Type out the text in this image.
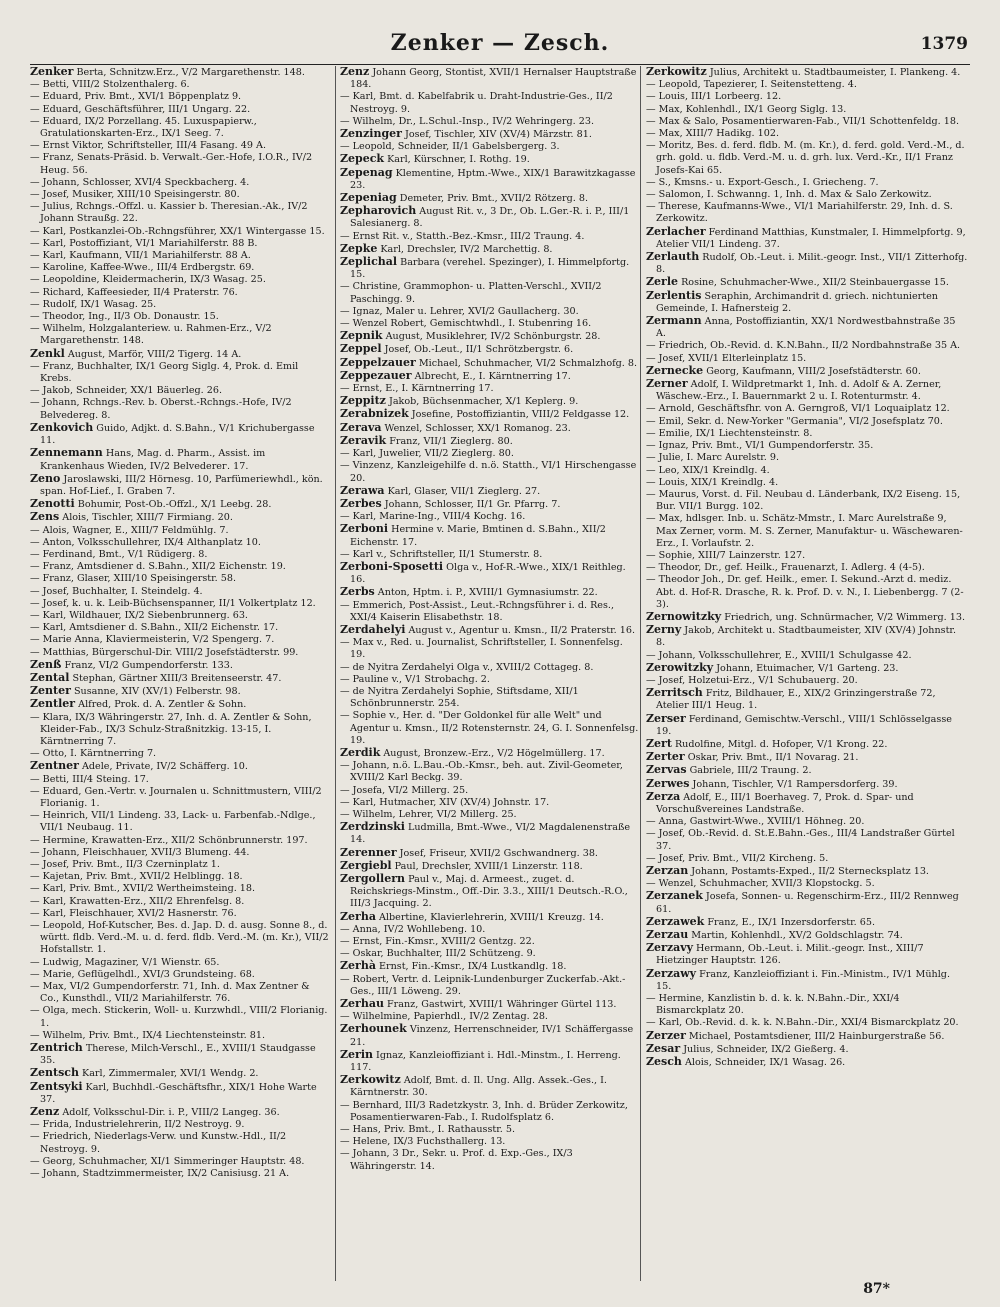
Zenker — Zesch.	1379
Zenker Berta, Schnitzw.Erz., V/2 Margarethenstr. 148.
— Betti, VIII/2 Stolzenthalerg. 6.
— Eduard, Priv. Bmt., XVI/1 Böppenplatz 9.
— Eduard, Geschäftsführer, III/1 Ungarg. 22.
— Eduard, IX/2 Porzellang. 45. Luxuspapierw., Gratulationskarten-Erz., IX/1 Seeg. 7.
— Ernst Viktor, Schriftsteller, III/4 Fasang. 49 A.
— Franz, Senats-Präsid. b. Verwalt.-Ger.-Hofe, I.O.R., IV/2 Heug. 56.
— Johann, Schlosser, XVI/4 Speckbacherg. 4.
— Josef, Musiker, XIII/10 Speisingerstr. 80.
— Julius, Rchngs.-Offzl. u. Kassier b. Theresian.-Ak., IV/2 Johann Straußg. 22.
— Karl, Postkanzlei-Ob.-Rchngsführer, XX/1 Wintergasse 15.
— Karl, Postoffiziant, VI/1 Mariahilferstr. 88 B.
— Karl, Kaufmann, VII/1 Mariahilferstr. 88 A.
— Karoline, Kaffee-Wwe., III/4 Erdbergstr. 69.
— Leopoldine, Kleidermacherin, IX/3 Wasag. 25.
— Richard, Kaffeesieder, II/4 Praterstr. 76.
— Rudolf, IX/1 Wasag. 25.
— Theodor, Ing., II/3 Ob. Donaustr. 15.
— Wilhelm, Holzgalanteriew. u. Rahmen-Erz., V/2 Margarethenstr. 148.
Zenkl August, Marför, VIII/2 Tigerg. 14 A.
— Franz, Buchhalter, IX/1 Georg Siglg. 4, Prok. d. Emil Krebs.
— Jakob, Schneider, XX/1 Bäuerleg. 26.
— Johann, Rchngs.-Rev. b. Oberst.-Rchngs.-Hofe, IV/2 Belvedereg. 8.
Zenkovich Guido, Adjkt. d. S.Bahn., V/1 Krichubergasse 11.
Zennemann Hans, Mag. d. Pharm., Assist. im Krankenhaus Wieden, IV/2 Belvederег. 17.
Zeno Jaroslawski, III/2 Hörnesg. 10, Parfümeriewhdl., kön. span. Hof-Lief., I. Graben 7.
Zenotti Bohumir, Post-Ob.-Offzl., X/1 Leebg. 28.
Zens Alois, Tischler, XIII/7 Firmiang. 20.
— Alois, Wagner, E., XIII/7 Feldmühlg. 7.
— Anton, Volksschullehrer, IX/4 Althanplatz 10.
— Ferdinand, Bmt., V/1 Rüdigerg. 8.
— Franz, Amtsdiener d. S.Bahn., XII/2 Eichenstr. 19.
— Franz, Glaser, XIII/10 Speisingerstr. 58.
— Josef, Buchhalter, I. Steindelg. 4.
— Josef, k. u. k. Leib-Büchsenspanner, II/1 Volkertplatz 12.
— Karl, Wildhauer, IX/2 Siebenbrunnerg. 63.
— Karl, Amtsdiener d. S.Bahn., XII/2 Eichenstr. 17.
— Marie Anna, Klaviermeisterin, V/2 Spengerg. 7.
— Matthias, Bürgerschul-Dir. VIII/2 Josefstädterstr. 99.
Zenß Franz, VI/2 Gumpendorferstr. 133.
Zental Stephan, Gärtner XIII/3 Breitenseerstr. 47.
Zenter Susanne, XIV (XV/1) Felberstr. 98.
Zentler Alfred, Prok. d. A. Zentler & Sohn.
— Klara, IX/3 Währingerstr. 27, Inh. d. A. Zentler & Sohn, Kleider-Fab., IX/3 Schulz-Straßnitzkig. 13-15, I. Kärntnerring 7.
— Otto, I. Kärntnerring 7.
Zentner Adele, Private, IV/2 Schäfferg. 10.
— Betti, III/4 Steing. 17.
— Eduard, Gen.-Vertr. v. Journalen u. Schnittmustern, VIII/2 Florianig. 1.
— Heinrich, VII/1 Lindeng. 33, Lack- u. Farbenfab.-Ndlge., VII/1 Neubaug. 11.
— Hermine, Krawatten-Erz., XII/2 Schönbrunnerstr. 197.
— Johann, Fleischhauer, XVII/3 Blumeng. 44.
— Josef, Priv. Bmt., II/3 Czerninplatz 1.
— Kajetan, Priv. Bmt., XVII/2 Helblingg. 18.
— Karl, Priv. Bmt., XVII/2 Wertheimsteing. 18.
— Karl, Krawatten-Erz., XII/2 Ehrenfelsg. 8.
— Karl, Fleischhauer, XVI/2 Hasnerstr. 76.
— Leopold, Hof-Kutscher, Bes. d. Jap. D. d. ausg. Sonne 8., d. württ. fldb. Verd.-M. u. d. ferd. fldb. Verd.-M. (m. Kr.), VII/2 Hofstallstr. 1.
— Ludwig, Magaziner, V/1 Wienstr. 65.
— Marie, Geflügelhdl., XVI/3 Grundsteing. 68.
— Max, VI/2 Gumpendorferstr. 71, Inh. d. Max Zentner & Co., Kunsthdl., VII/2 Mariahilferstr. 76.
— Olga, mech. Stickerin, Woll- u. Kurzwhdl., VIII/2 Florianig. 1.
— Wilhelm, Priv. Bmt., IX/4 Liechtensteinstr. 81.
Zentrich Therese, Milch-Verschl., E., XVIII/1 Staudgasse 35.
Zentsch Karl, Zimmermaler, XVI/1 Wendg. 2.
Zentsyki Karl, Buchhdl.-Geschäftsfhr., XIX/1 Hohe Warte 37.
Zenz Adolf, Volksschul-Dir. i. P., VIII/2 Langeg. 36.
— Frida, Industrielehrerin, II/2 Nestroyg. 9.
— Friedrich, Niederlags-Verw. und Kunstw.-Hdl., II/2 Nestroyg. 9.
— Georg, Schuhmacher, XI/1 Simmeringer Hauptstr. 48.
— Johann, Stadtzimmermeister, IX/2 Canisiusg. 21 A.
Zenz Johann Georg, Stontist, XVII/1 Hernalser Hauptstraße 184.
— Karl, Bmt. d. Kabelfabrik u. Draht-Industrie-Ges., II/2 Nestroyg. 9.
— Wilhelm, Dr., L.Schul.-Insp., IV/2 Wehringerg. 23.
Zenzinger Josef, Tischler, XIV (XV/4) Märzstr. 81.
— Leopold, Schneider, II/1 Gabelsbergerg. 3.
Zepeck Karl, Kürschner, I. Rothg. 19.
Zepenag Klementine, Hptm.-Wwe., XIX/1 Barawitzkagasse 23.
Zepeniag Demeter, Priv. Bmt., XVII/2 Rötzerg. 8.
Zepharovich August Rit. v., 3 Dr., Ob. L.Ger.-R. i. P., III/1 Salesianerg. 8.
— Ernst Rit. v., Statth.-Bez.-Kmsr., III/2 Traung. 4.
Zepke Karl, Drechsler, IV/2 Marchettig. 8.
Zeplichal Barbara (verehel. Spezinger), I. Himmelpfortg. 15.
— Christine, Grammophon- u. Platten-Verschl., XVII/2 Paschingg. 9.
— Ignaz, Maler u. Lehrer, XVI/2 Gaullacherg. 30.
— Wenzel Robert, Gemischtwhdl., I. Stubenring 16.
Zepnik August, Musiklehrer, IV/2 Schönburgstr. 28.
Zeppel Josef, Ob.-Leut., II/1 Schrötzbergstr. 6.
Zeppelzauer Michael, Schuhmacher, VI/2 Schmalzhofg. 8.
Zeppezauer Albrecht, E., I. Kärntnerring 17.
— Ernst, E., I. Kärntnerring 17.
Zeppitz Jakob, Büchsenmacher, X/1 Keplerg. 9.
Zerabnizek Josefine, Postoffiziantin, VIII/2 Feldgasse 12.
Zerava Wenzel, Schlosser, XX/1 Romanog. 23.
Zeravik Franz, VII/1 Zieglerg. 80.
— Karl, Juwelier, VII/2 Zieglerg. 80.
— Vinzenz, Kanzleigehilfe d. n.ö. Statth., VI/1 Hirschengasse 20.
Zerawa Karl, Glaser, VII/1 Zieglerg. 27.
Zerbes Johann, Schlosser, II/1 Gr. Pfarrg. 7.
— Karl, Marine-Ing., VIII/4 Kochg. 16.
Zerboni Hermine v. Marie, Bmtinen d. S.Bahn., XII/2 Eichenstr. 17.
— Karl v., Schriftsteller, II/1 Stumerstr. 8.
Zerboni-Sposetti Olga v., Hof-R.-Wwe., XIX/1 Reithleg. 16.
Zerbs Anton, Hptm. i. P., XVIII/1 Gymnasiumstr. 22.
— Emmerich, Post-Assist., Leut.-Rchngsführer i. d. Res., XXI/4 Kaiserin Elisabethstr. 18.
Zerdahelyi August v., Agentur u. Kmsn., II/2 Praterstr. 16.
— Max v., Red. u. Journalist, Schriftsteller, I. Sonnenfelsg. 19.
— de Nyitra Zerdahelyi Olga v., XVIII/2 Cottageg. 8.
— Pauline v., V/1 Strobachg. 2.
— de Nyitra Zerdahelyi Sophie, Stiftsdame, XII/1 Schönbrunnerstr. 254.
— Sophie v., Her. d. "Der Goldonkel für alle Welt" und Agentur u. Kmsn., II/2 Rotensternstr. 24, G. I. Sonnenfelsg. 19.
Zerdik August, Bronzew.-Erz., V/2 Högelmüllerg. 17.
— Johann, n.ö. L.Bau.-Ob.-Kmsr., beh. aut. Zivil-Geometer, XVIII/2 Karl Beckg. 39.
— Josefa, VI/2 Millerg. 25.
— Karl, Hutmacher, XIV (XV/4) Johnstr. 17.
— Wilhelm, Lehrer, VI/2 Millerg. 25.
Zerdzinski Ludmilla, Bmt.-Wwe., VI/2 Magdalenenstraße 14.
Zerenner Josef, Friseur, XVII/2 Gschwandnerg. 38.
Zergiebl Paul, Drechsler, XVIII/1 Linzerstr. 118.
Zergollern Paul v., Maj. d. Armeest., zuget. d. Reichskriegs-Minstm., Off.-Dir. 3.3., XIII/1 Deutsch.-R.O., III/3 Jacquing. 2.
Zerha Albertine, Klavierlehrerin, XVIII/1 Kreuzg. 14.
— Anna, IV/2 Wohllebeng. 10.
— Ernst, Fin.-Kmsr., XVIII/2 Gentzg. 22.
— Oskar, Buchhalter, III/2 Schützeng. 9.
Zerhà Ernst, Fin.-Kmsr., IX/4 Lustkandlg. 18.
— Robert, Vertr. d. Leipnik-Lundenburger Zuckerfab.-Akt.-Ges., III/1 Löweng. 29.
Zerhau Franz, Gastwirt, XVIII/1 Währinger Gürtel 113.
— Wilhelmine, Papierhdl., IV/2 Zentag. 28.
Zerhounek Vinzenz, Herrenschneider, IV/1 Schäffergasse 21.
Zerin Ignaz, Kanzleioffiziant i. Hdl.-Minstm., I. Herreng. 117.
Zerkowitz Adolf, Bmt. d. Il. Ung. Allg. Assek.-Ges., I. Kärntnerstr. 30.
— Bernhard, III/3 Radetzkystr. 3, Inh. d. Brüder Zerkowitz, Posamentierwaren-Fab., I. Rudolfsplatz 6.
— Hans, Priv. Bmt., I. Rathausstr. 5.
— Helene, IX/3 Fuchsthallerg. 13.
— Johann, 3 Dr., Sekr. u. Prof. d. Exp.-Ges., IX/3 Währingerstr. 14.
Zerkowitz Julius, Architekt u. Stadtbaumeister, I. Plankeng. 4.
— Leopold, Tapezierer, I. Seitenstetteng. 4.
— Louis, III/1 Lorbeerg. 12.
— Max, Kohlenhdl., IX/1 Georg Siglg. 13.
— Max & Salo, Posamentierwaren-Fab., VII/1 Schottenfeldg. 18.
— Max, XIII/7 Hadikg. 102.
— Moritz, Bes. d. ferd. fldb. M. (m. Kr.), d. ferd. gold. Verd.-M., d. grh. gold. u. fldb. Verd.-M. u. d. grh. lux. Verd.-Kr., II/1 Franz Josefs-Kai 65.
— S., Kmsns.- u. Export-Gesch., I. Griecheng. 7.
— Salomon, I. Schwanng. 1, Inh. d. Max & Salo Zerkowitz.
— Therese, Kaufmanns-Wwe., VI/1 Mariahilferstr. 29, Inh. d. S. Zerkowitz.
Zerlacher Ferdinand Matthias, Kunstmaler, I. Himmelpfortg. 9, Atelier VII/1 Lindeng. 37.
Zerlauth Rudolf, Ob.-Leut. i. Milit.-geogr. Inst., VII/1 Zitterhofg. 8.
Zerle Rosine, Schuhmacher-Wwe., XII/2 Steinbauergasse 15.
Zerlentis Seraphin, Archimandrit d. griech. nichtunierten Gemeinde, I. Hafnersteig 2.
Zermann Anna, Postoffiziantin, XX/1 Nordwestbahnstraße 35 A.
— Friedrich, Ob.-Revid. d. K.N.Bahn., II/2 Nordbahnstraße 35 A.
— Josef, XVII/1 Elterleinplatz 15.
Zernecke Georg, Kaufmann, VIII/2 Josefstädterstr. 60.
Zerner Adolf, I. Wildpretmarkt 1, Inh. d. Adolf & A. Zerner, Wäschew.-Erz., I. Bauernmarkt 2 u. I. Rotenturmstr. 4.
— Arnold, Geschäftsfhr. von A. Gerngroß, VI/1 Loquaiplatz 12.
— Emil, Sekr. d. New-Yorker "Germania", VI/2 Josefsplatz 70.
— Emilie, IX/1 Liechtensteinstr. 8.
— Ignaz, Priv. Bmt., VI/1 Gumpendorferstr. 35.
— Julie, I. Marc Aurelstr. 9.
— Leo, XIX/1 Kreindlg. 4.
— Louis, XIX/1 Kreindlg. 4.
— Maurus, Vorst. d. Fil. Neubau d. Länderbank, IX/2 Eiseng. 15, Bur. VII/1 Burgg. 102.
— Max, hdlsger. Inb. u. Schätz-Mmstr., I. Marc Aurelstraße 9, Max Zerner, vorm. M. S. Zerner, Manufaktur- u. Wäschewaren-Erz., I. Vorlaufstr. 2.
— Sophie, XIII/7 Lainzerstr. 127.
— Theodor, Dr., gef. Heilk., Frauenarzt, I. Adlerg. 4 (4-5).
— Theodor Joh., Dr. gef. Heilk., emer. I. Sekund.-Arzt d. mediz. Abt. d. Hof-R. Drasche, R. k. Prof. D. v. N., I. Liebenbergg. 7 (2-3).
Zernowitzky Friedrich, ung. Schnürmacher, V/2 Wimmerg. 13.
Zerny Jakob, Architekt u. Stadtbaumeister, XIV (XV/4) Johnstr. 8.
— Johann, Volksschullehrer, E., XVIII/1 Schulgasse 42.
Zerowitzky Johann, Etuimacher, V/1 Garteng. 23.
— Josef, Holzetui-Erz., V/1 Schubauerg. 20.
Zerritsch Fritz, Bildhauer, E., XIX/2 Grinzingerstraße 72, Atelier III/1 Heug. 1.
Zerser Ferdinand, Gemischtw.-Verschl., VIII/1 Schlösselgasse 19.
Zert Rudolfine, Mitgl. d. Hofoper, V/1 Krong. 22.
Zerter Oskar, Priv. Bmt., II/1 Novarag. 21.
Zervas Gabriele, III/2 Traung. 2.
Zerwes Johann, Tischler, V/1 Rampersdorferg. 39.
Zerza Adolf, E., III/1 Boerhaveg. 7, Prok. d. Spar- und Vorschußvereines Landstraße.
— Anna, Gastwirt-Wwe., XVIII/1 Höhneg. 20.
— Josef, Ob.-Revid. d. St.E.Bahn.-Ges., III/4 Landstraßer Gürtel 37.
— Josef, Priv. Bmt., VII/2 Kircheng. 5.
Zerzan Johann, Postamts-Exped., II/2 Sternecksplatz 13.
— Wenzel, Schuhmacher, XVII/3 Klopstockg. 5.
Zerzanek Josefa, Sonnen- u. Regenschirm-Erz., III/2 Rennweg 61.
Zerzawek Franz, E., IX/1 Inzersdorferstr. 65.
Zerzau Martin, Kohlenhdl., XV/2 Goldschlagstr. 74.
Zerzavy Hermann, Ob.-Leut. i. Milit.-geogr. Inst., XIII/7 Hietzinger Hauptstr. 126.
Zerzawy Franz, Kanzleioffiziant i. Fin.-Ministm., IV/1 Mühlg. 15.
— Hermine, Kanzlistin b. d. k. k. N.Bahn.-Dir., XXI/4 Bismarckplatz 20.
— Karl, Ob.-Revid. d. k. k. N.Bahn.-Dir., XXI/4 Bismarckplatz 20.
Zerzer Michael, Postamtsdiener, III/2 Hainburgerstraße 56.
Zesar Julius, Schneider, IX/2 Gießerg. 4.
Zesch Alois, Schneider, IX/1 Wasag. 26.
87*
